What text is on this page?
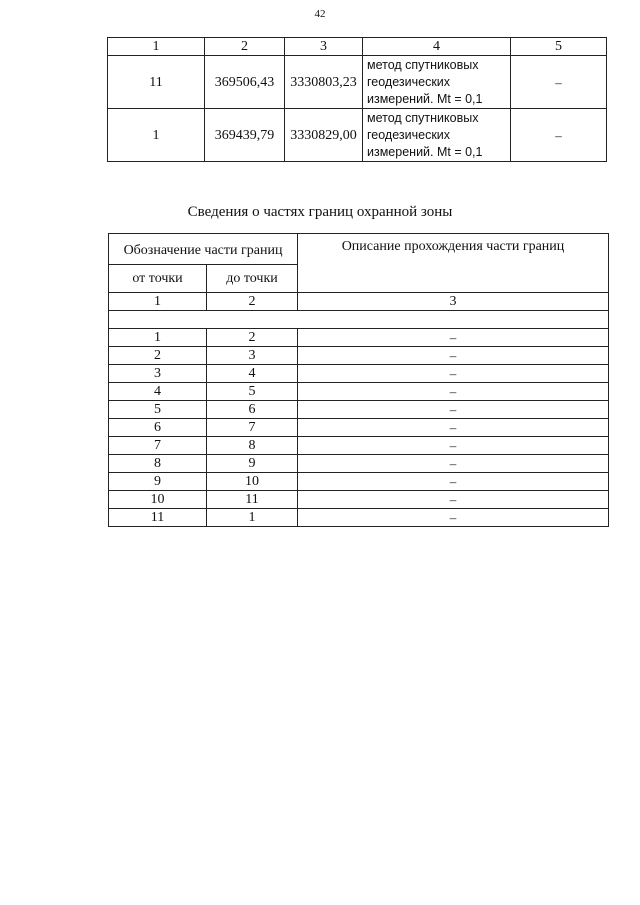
42
1	2	3	4	5
11	369506,43	3330803,23	метод спутниковых
геодезических
измерений. Mt = 0,1	–
1	369439,79	3330829,00	метод спутниковых
геодезических
измерений. Mt = 0,1	–
Сведения о частях границ охранной зоны
Обозначение части границ		Описание прохождения части границ
от точки	до точки	
1	2	3

1	2	–
2	3	–
3	4	–
4	5	–
5	6	–
6	7	–
7	8	–
8	9	–
9	10	–
10	11	–
11	1	–
